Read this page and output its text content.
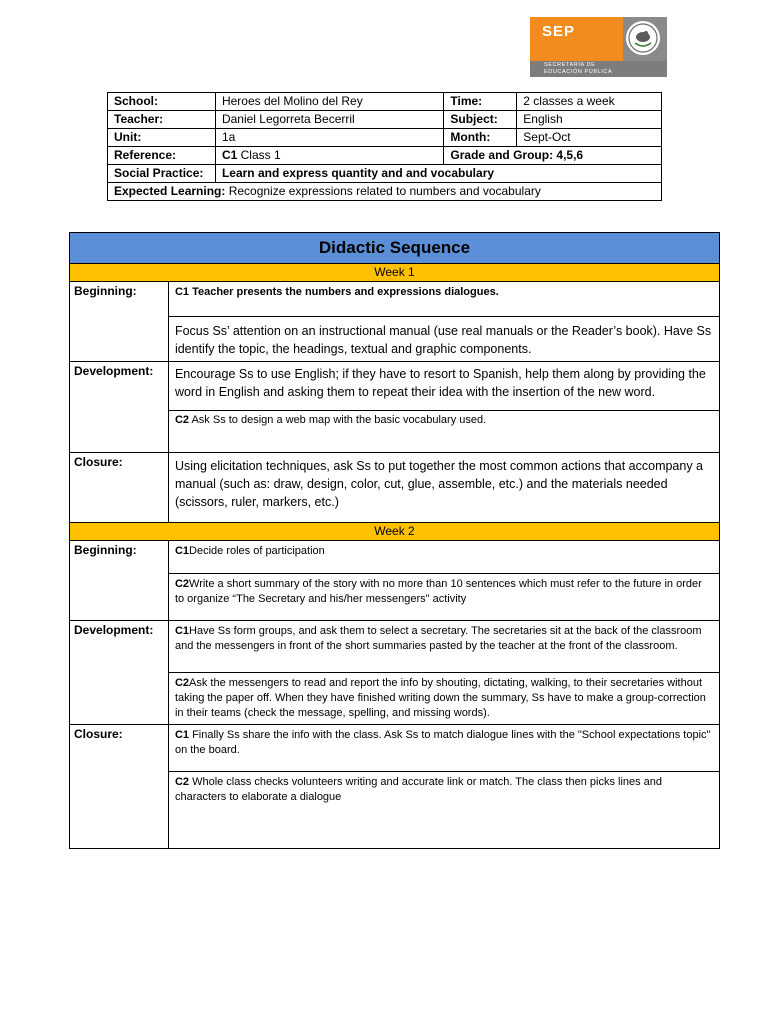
SEP
SECRETARÍA DE
EDUCACIÓN PÚBLICA
School:	Heroes del Molino del Rey	Time:	2 classes a week
Teacher:	Daniel Legorreta Becerril	Subject:	English
Unit:	1a	Month:	Sept-Oct
Reference:	C1 Class 1	Grade and Group: 4,5,6	
Social Practice:	Learn and express quantity and and vocabulary		
Expected Learning: Recognize expressions related to numbers and vocabulary			
Didactic Sequence	
Week 1	
Beginning:	C1 Teacher presents the numbers and expressions dialogues.
	Focus Ss’ attention on an instructional manual (use real manuals or the Reader’s book). Have Ss identify the topic, the headings, textual and graphic components.
Development:	Encourage Ss to use English; if they have to resort to Spanish, help them along by providing the word in English and asking them to repeat their idea with the insertion of the new word.
	C2 Ask Ss to design a web map with the basic vocabulary used.
Closure:	Using elicitation techniques, ask Ss to put together the most common actions that accompany a manual (such as: draw, design, color, cut, glue, assemble, etc.) and the materials needed (scissors, ruler, markers, etc.)
Week 2	
Beginning:	C1Decide roles of participation
	C2Write a short summary of the story with no more than 10 sentences which must refer to the future in order to organize “The Secretary and his/her messengers" activity
Development:	C1Have Ss form groups, and ask them to select a secretary. The secretaries sit at the back of the classroom and the messengers in front of the short summaries pasted by the teacher at the front of the classroom.
	C2Ask the messengers to read and report the info by shouting, dictating, walking, to their secretaries without taking the paper off. When they have finished writing down the summary, Ss have to make a group-correction in their teams (check the message, spelling, and missing words).
Closure:	C1 Finally Ss share the info with the class. Ask Ss to match dialogue lines with the "School expectations topic" on the board.
	C2 Whole class checks volunteers writing and accurate link or match. The class then picks lines and characters to elaborate a dialogue
